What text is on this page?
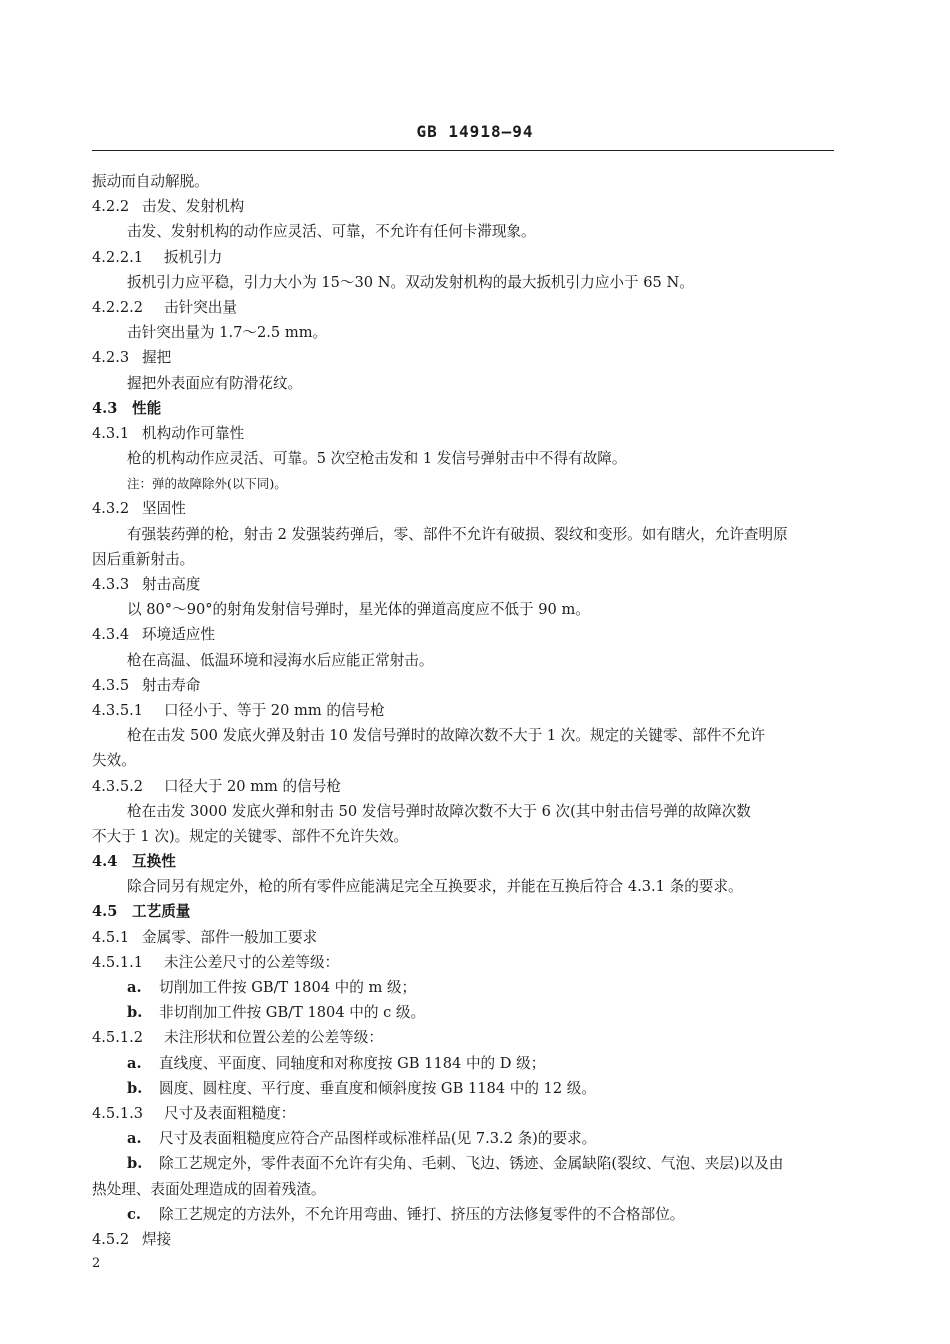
GB 14918—94
振动而自动解脱。
4.2.2 击发、发射机构
击发、发射机构的动作应灵活、可靠，不允许有任何卡滞现象。
4.2.2.1 扳机引力
扳机引力应平稳，引力大小为 15～30 N。双动发射机构的最大扳机引力应小于 65 N。
4.2.2.2 击针突出量
击针突出量为 1.7～2.5 mm。
4.2.3 握把
握把外表面应有防滑花纹。
4.3 性能
4.3.1 机构动作可靠性
枪的机构动作应灵活、可靠。5 次空枪击发和 1 发信号弹射击中不得有故障。
注：弹的故障除外(以下同)。
4.3.2 坚固性
有强装药弹的枪，射击 2 发强装药弹后，零、部件不允许有破损、裂纹和变形。如有瞎火，允许查明原
因后重新射击。
4.3.3 射击高度
以 80°～90°的射角发射信号弹时，星光体的弹道高度应不低于 90 m。
4.3.4 环境适应性
枪在高温、低温环境和浸海水后应能正常射击。
4.3.5 射击寿命
4.3.5.1 口径小于、等于 20 mm 的信号枪
枪在击发 500 发底火弹及射击 10 发信号弹时的故障次数不大于 1 次。规定的关键零、部件不允许
失效。
4.3.5.2 口径大于 20 mm 的信号枪
枪在击发 3000 发底火弹和射击 50 发信号弹时故障次数不大于 6 次(其中射击信号弹的故障次数
不大于 1 次)。规定的关键零、部件不允许失效。
4.4 互换性
除合同另有规定外，枪的所有零件应能满足完全互换要求，并能在互换后符合 4.3.1 条的要求。
4.5 工艺质量
4.5.1 金属零、部件一般加工要求
4.5.1.1 未注公差尺寸的公差等级：
a. 切削加工件按 GB/T 1804 中的 m 级；
b. 非切削加工件按 GB/T 1804 中的 c 级。
4.5.1.2 未注形状和位置公差的公差等级：
a. 直线度、平面度、同轴度和对称度按 GB 1184 中的 D 级；
b. 圆度、圆柱度、平行度、垂直度和倾斜度按 GB 1184 中的 12 级。
4.5.1.3 尺寸及表面粗糙度：
a. 尺寸及表面粗糙度应符合产品图样或标准样品(见 7.3.2 条)的要求。
b. 除工艺规定外，零件表面不允许有尖角、毛刺、飞边、锈迹、金属缺陷(裂纹、气泡、夹层)以及由
热处理、表面处理造成的固着残渣。
c. 除工艺规定的方法外，不允许用弯曲、锤打、挤压的方法修复零件的不合格部位。
4.5.2 焊接
2
